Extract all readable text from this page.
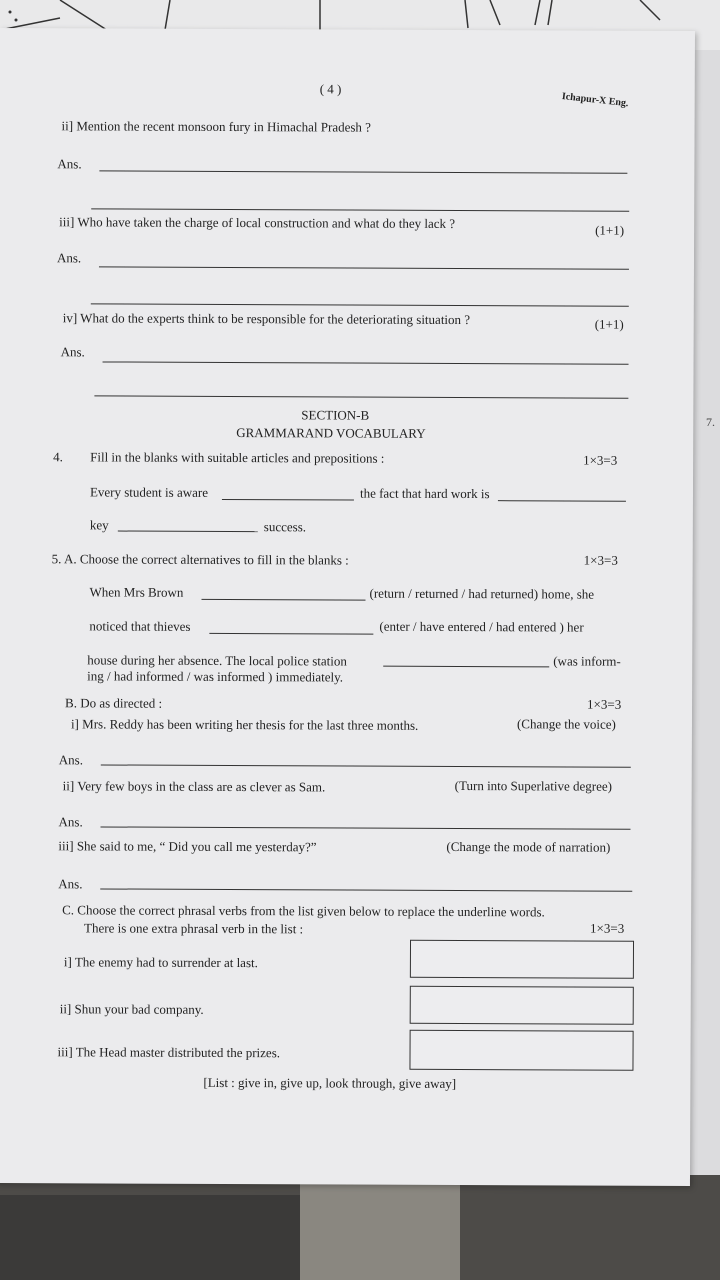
7.
( 4 )
Ichapur-X Eng.
ii] Mention the recent monsoon fury in Himachal Pradesh ?
Ans.
iii] Who have taken the charge of local construction and what do they lack ?	(1+1)
Ans.
iv] What do the experts think to be responsible for the deteriorating situation ?	(1+1)
Ans.
SECTION-B
GRAMMARAND VOCABULARY
4. Fill in the blanks with suitable articles and prepositions :	1×3=3
Every student is aware	the fact that hard work is
key	success.
5. A. Choose the correct alternatives to fill in the blanks :	1×3=3
When Mrs Brown	(return / returned / had returned) home, she
noticed that thieves	(enter / have entered / had entered ) her
house during her absence. The local police station	(was inform-
ing / had informed / was informed ) immediately.
B. Do as directed :	1×3=3
i] Mrs. Reddy has been writing her thesis for the last three months.	(Change the voice)
Ans.
ii] Very few boys in the class are as clever as Sam.	(Turn into Superlative degree)
Ans.
iii] She said to me, “ Did you call me yesterday?”	(Change the mode of narration)
Ans.
C. Choose the correct phrasal verbs from the list given below to replace the underline words.
There is one extra phrasal verb in the list :	1×3=3
i] The enemy had to surrender at last.
ii] Shun your bad company.
iii] The Head master distributed the prizes.
[List : give in, give up, look through, give away]
